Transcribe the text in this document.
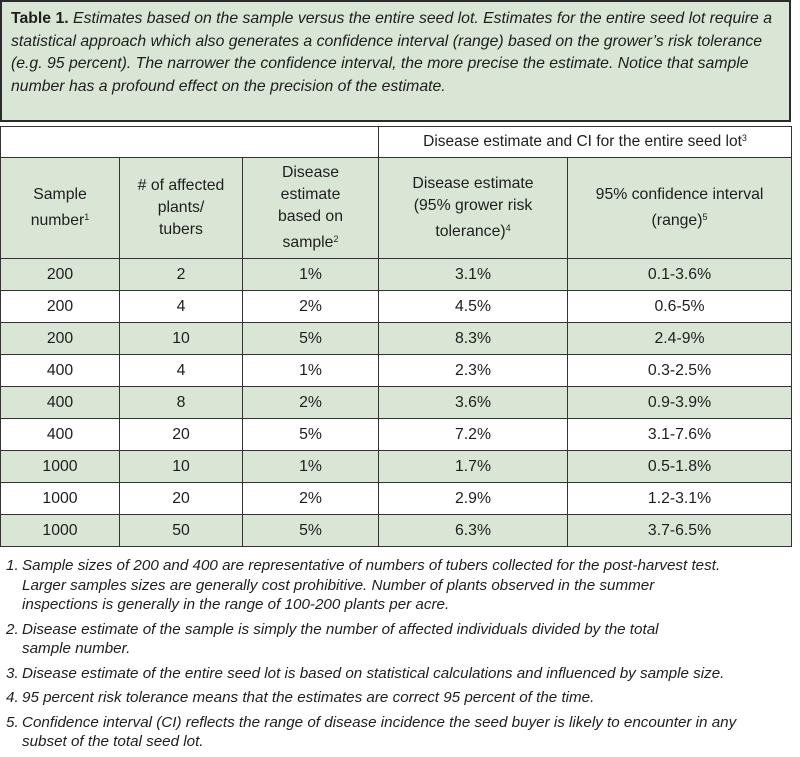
Table 1. Estimates based on the sample versus the entire seed lot. Estimates for the entire seed lot require a statistical approach which also generates a confidence interval (range) based on the grower’s risk tolerance (e.g. 95 percent). The narrower the confidence interval, the more precise the estimate. Notice that sample number has a profound effect on the precision of the estimate.
			Disease estimate and CI for the entire seed lot$^3$
Sample
number$^1$	# of affected
plants/
tubers	Disease
estimate
based on
sample$^2$	Disease estimate
(95% grower risk
tolerance)$^4$	95% confidence interval
(range)$^5$
200	2	1%	3.1%	0.1-3.6%
200	4	2%	4.5%	0.6-5%
200	10	5%	8.3%	2.4-9%
400	4	1%	2.3%	0.3-2.5%
400	8	2%	3.6%	0.9-3.9%
400	20	5%	7.2%	3.1-7.6%
1000	10	1%	1.7%	0.5-1.8%
1000	20	2%	2.9%	1.2-3.1%
1000	50	5%	6.3%	3.7-6.5%
1. Sample sizes of 200 and 400 are representative of numbers of tubers collected for the post-harvest test.
Larger samples sizes are generally cost prohibitive. Number of plants observed in the summer
inspections is generally in the range of 100-200 plants per acre.
2. Disease estimate of the sample is simply the number of affected individuals divided by the total
sample number.
3. Disease estimate of the entire seed lot is based on statistical calculations and influenced by sample size.
4. 95 percent risk tolerance means that the estimates are correct 95 percent of the time.
5. Confidence interval (CI) reflects the range of disease incidence the seed buyer is likely to encounter in any
subset of the total seed lot.
